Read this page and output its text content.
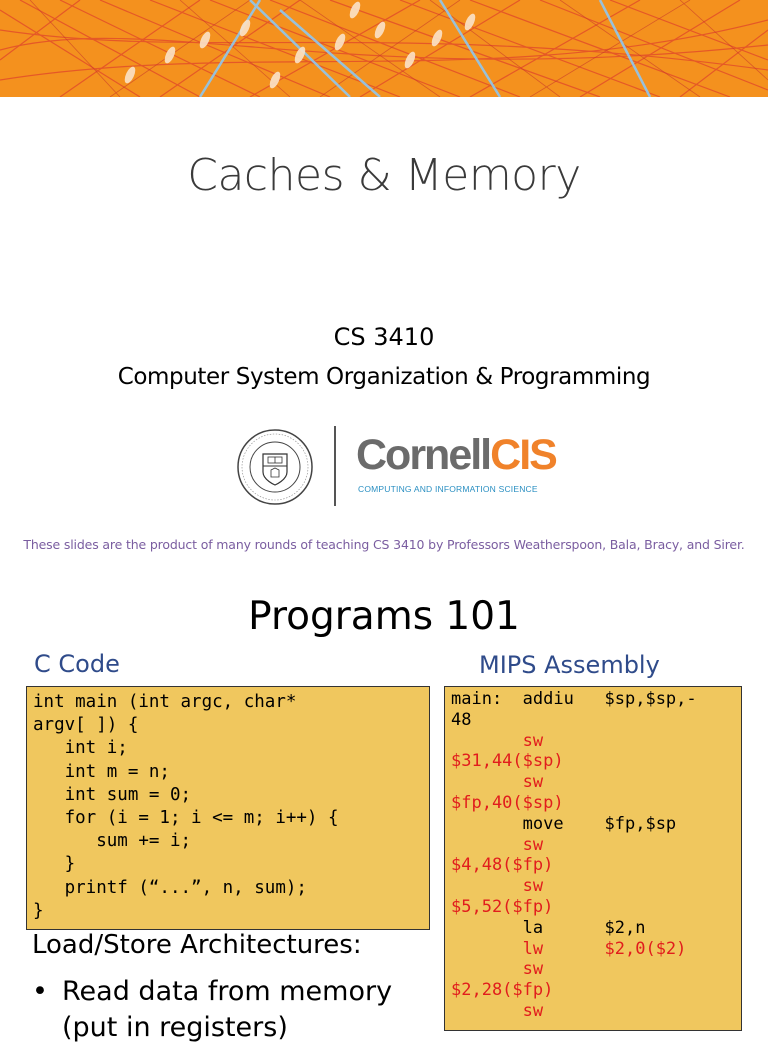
Caches & Memory
CS 3410
Computer System Organization & Programming
CornellCIS
COMPUTING AND INFORMATION SCIENCE
These slides are the product of many rounds of teaching CS 3410 by Professors Weatherspoon, Bala, Bracy, and Sirer.
Programs 101
C Code	MIPS Assembly
int main (int argc, char*
argv[ ]) {
int i;
int m = n;
int sum = 0;
for (i = 1; i <= m; i++) {
sum += i;
}
printf (“...”, n, sum);
}
main:  addiu   $sp,$sp,-
48
sw
$31,44($sp)
sw
$fp,40($sp)
move    $fp,$sp
sw
$4,48($fp)
sw
$5,52($fp)
la      $2,n
lw      $2,0($2)
sw
$2,28($fp)
sw
Load/Store Architectures:
• Read data from memory
(put in registers)
